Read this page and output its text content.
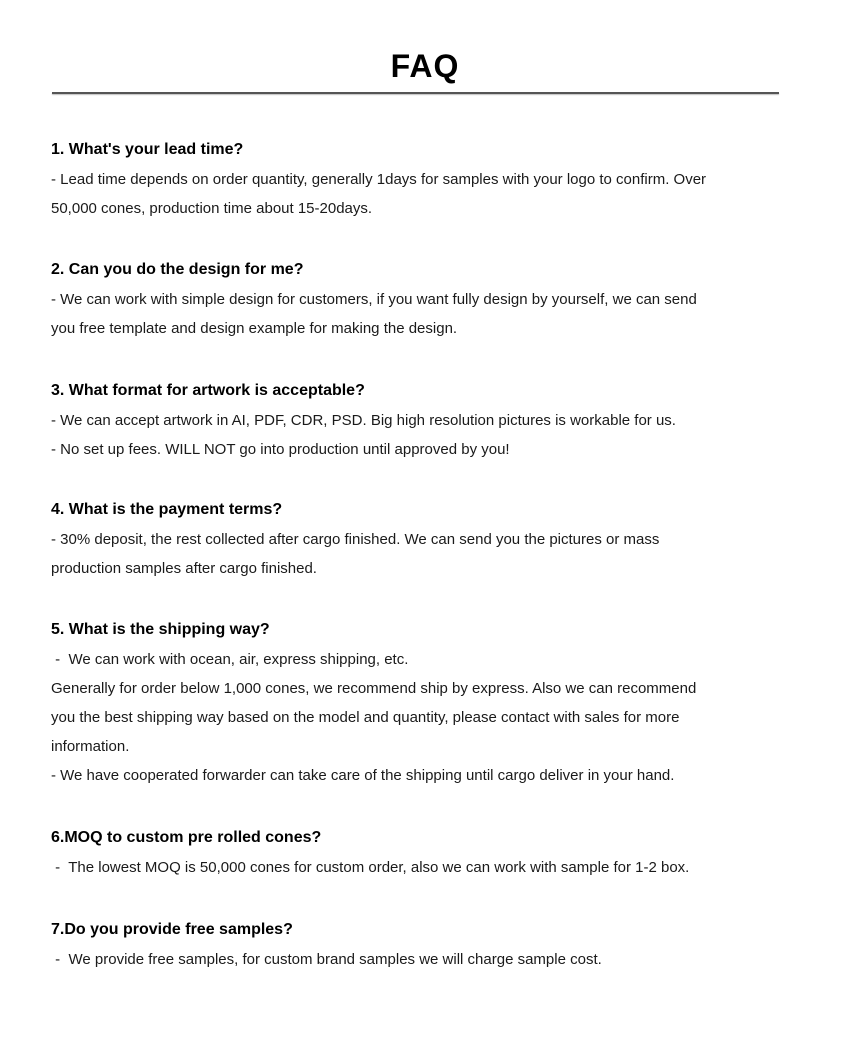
FAQ
1. What's your lead time?
- Lead time depends on order quantity, generally 1days for samples with your logo to confirm. Over
50,000 cones, production time about 15-20days.
2. Can you do the design for me?
- We can work with simple design for customers, if you want fully design by yourself, we can send
you free template and design example for making the design.
3. What format for artwork is acceptable?
- We can accept artwork in AI, PDF, CDR, PSD. Big high resolution pictures is workable for us.
- No set up fees. WILL NOT go into production until approved by you!
4. What is the payment terms?
- 30% deposit, the rest collected after cargo finished. We can send you the pictures or mass
production samples after cargo finished.
5. What is the shipping way?
-  We can work with ocean, air, express shipping, etc.
Generally for order below 1,000 cones, we recommend ship by express. Also we can recommend
you the best shipping way based on the model and quantity, please contact with sales for more
information.
- We have cooperated forwarder can take care of the shipping until cargo deliver in your hand.
6.MOQ to custom pre rolled cones?
-  The lowest MOQ is 50,000 cones for custom order, also we can work with sample for 1-2 box.
7.Do you provide free samples?
-  We provide free samples, for custom brand samples we will charge sample cost.
